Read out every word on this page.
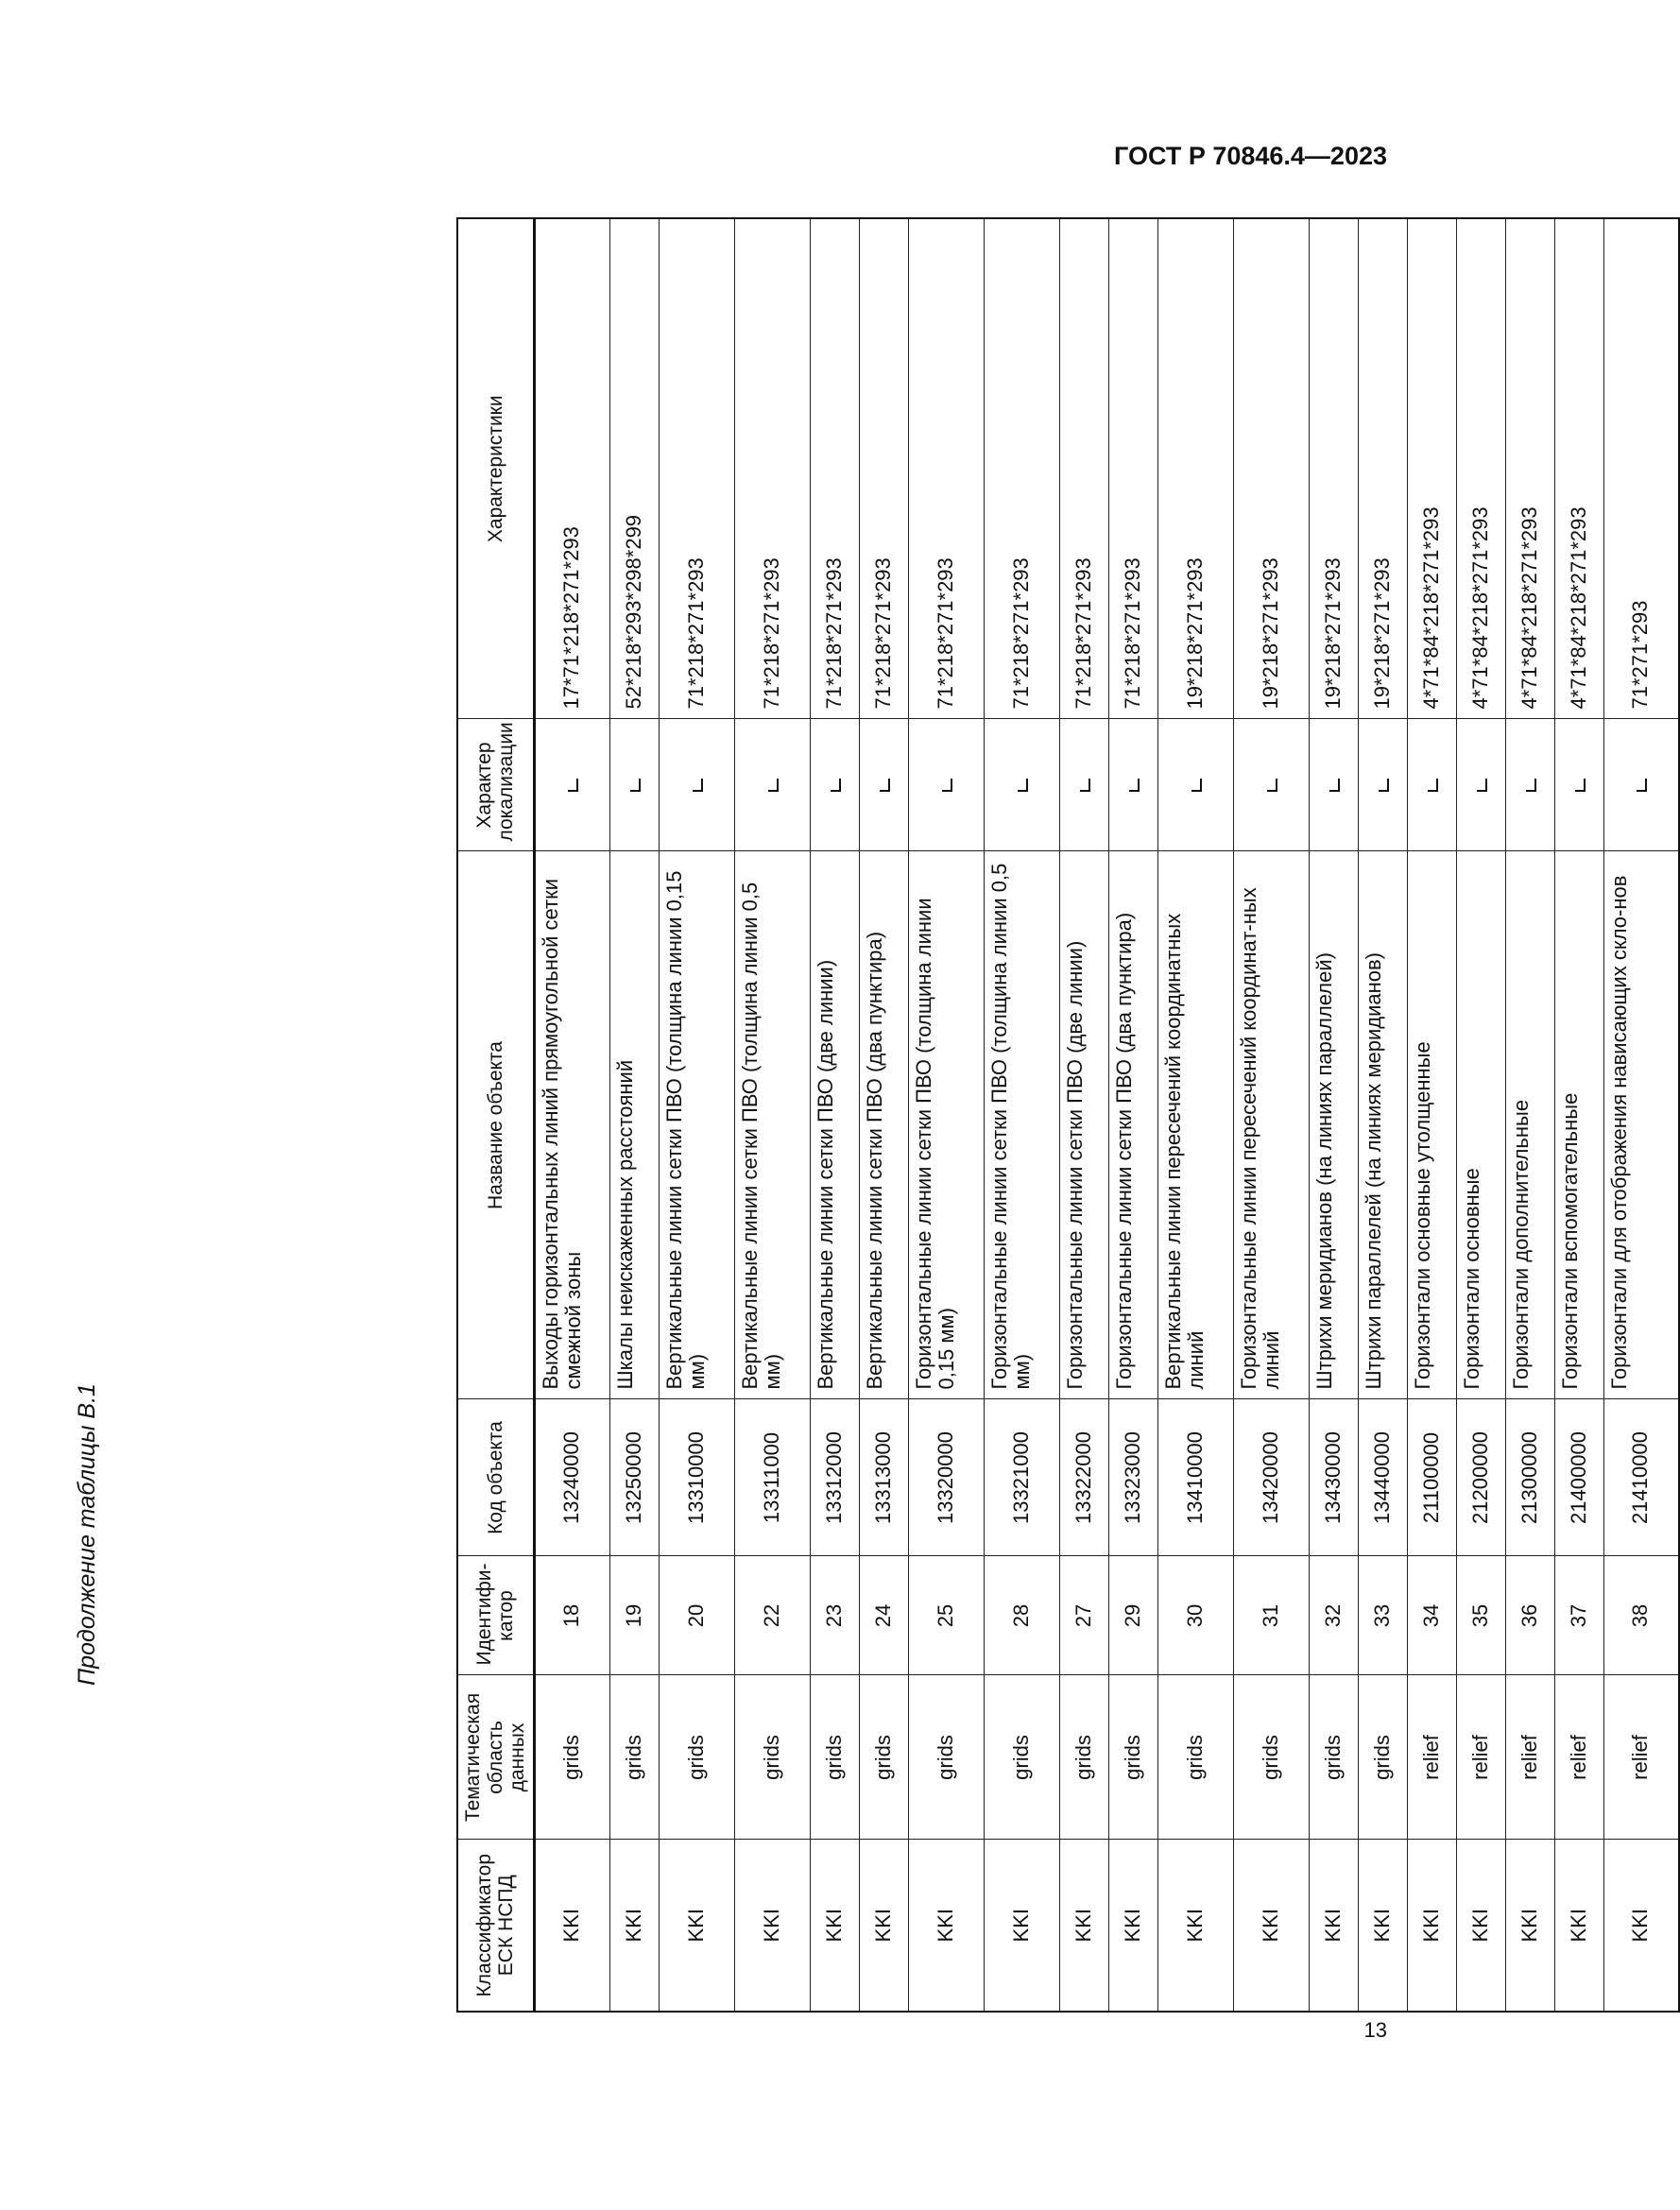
ГОСТ Р 70846.4—2023
Продолжение таблицы В.1
Классификатор ЕСК НСПД	Тематическая область данных	Идентифи-катор	Код объекта	Название объекта	Характер локализации	Характеристики
KKI	grids	18	13240000	Выходы горизонтальных линий прямоугольной сетки смежной зоны		17*71*218*271*293
KKI	grids	19	13250000	Шкалы неискаженных расстояний		52*218*293*298*299
KKI	grids	20	13310000	Вертикальные линии сетки ПВО (толщина линии 0,15 мм)		71*218*271*293
KKI	grids	22	13311000	Вертикальные линии сетки ПВО (толщина линии 0,5 мм)		71*218*271*293
KKI	grids	23	13312000	Вертикальные линии сетки ПВО (две линии)		71*218*271*293
KKI	grids	24	13313000	Вертикальные линии сетки ПВО (два пунктира)		71*218*271*293
KKI	grids	25	13320000	Горизонтальные линии сетки ПВО (толщина линии 0,15 мм)		71*218*271*293
KKI	grids	28	13321000	Горизонтальные линии сетки ПВО (толщина линии 0,5 мм)		71*218*271*293
KKI	grids	27	13322000	Горизонтальные линии сетки ПВО (две линии)		71*218*271*293
KKI	grids	29	13323000	Горизонтальные линии сетки ПВО (два пунктира)		71*218*271*293
KKI	grids	30	13410000	Вертикальные линии пересечений координатных линий		19*218*271*293
KKI	grids	31	13420000	Горизонтальные линии пересечений координат-ных линий		19*218*271*293
KKI	grids	32	13430000	Штрихи меридианов (на линиях параллелей)		19*218*271*293
KKI	grids	33	13440000	Штрихи параллелей (на линиях меридианов)		19*218*271*293
KKI	relief	34	21100000	Горизонтали основные утолщенные		4*71*84*218*271*293
KKI	relief	35	21200000	Горизонтали основные		4*71*84*218*271*293
KKI	relief	36	21300000	Горизонтали дополнительные		4*71*84*218*271*293
KKI	relief	37	21400000	Горизонтали вспомогательные		4*71*84*218*271*293
KKI	relief	38	21410000	Горизонтали для отображения нависающих скло-нов		71*271*293
13
